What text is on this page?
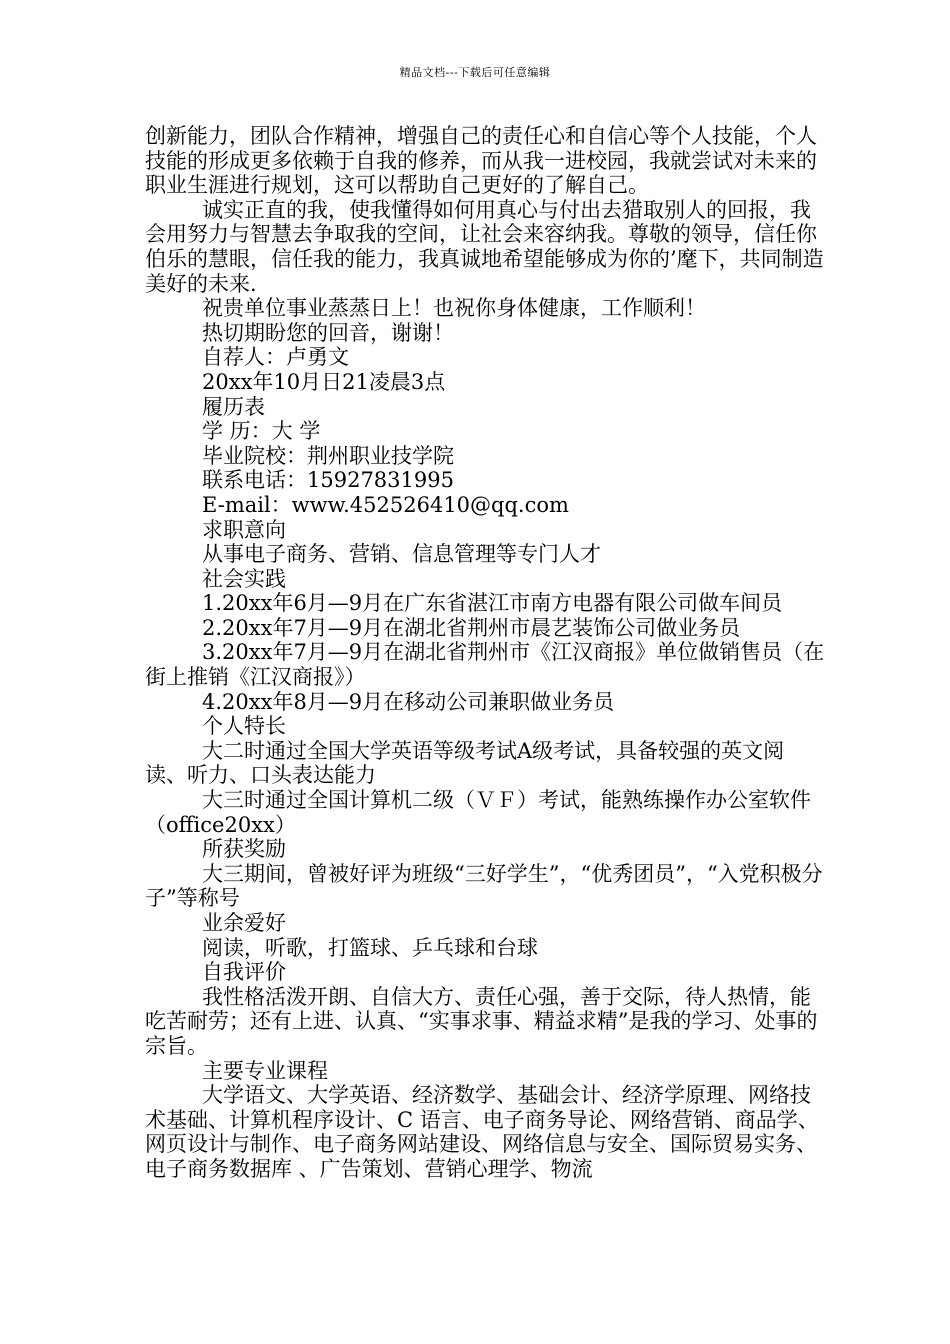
精品文档---下载后可任意编辑

创新能力，团队合作精神，增强自己的责任心和自信心等个人技能，个人技能的形成更多依赖于自我的修养，而从我一进校园，我就尝试对未来的职业生涯进行规划，这可以帮助自己更好的了解自己。

诚实正直的我，使我懂得如何用真心与付出去猎取别人的回报，我会用努力与智慧去争取我的空间，让社会来容纳我。尊敬的领导，信任你伯乐的慧眼，信任我的能力，我真诚地希望能够成为你的’麾下，共同制造美好的未来.

祝贵单位事业蒸蒸日上！也祝你身体健康，工作顺利！

热切期盼您的回音，谢谢！

自荐人：卢勇文

20xx年10月日21凌晨3点

履历表

学 历：大 学

毕业院校：荆州职业技学院

联系电话：15927831995

E-mail：www.452526410@qq.com

求职意向

从事电子商务、营销、信息管理等专门人才

社会实践

1.20xx年6月—9月在广东省湛江市南方电器有限公司做车间员

2.20xx年7月—9月在湖北省荆州市晨艺装饰公司做业务员

3.20xx年7月—9月在湖北省荆州市《江汉商报》单位做销售员（在街上推销《江汉商报》）

4.20xx年8月—9月在移动公司兼职做业务员

个人特长

大二时通过全国大学英语等级考试A级考试，具备较强的英文阅读、听力、口头表达能力

大三时通过全国计算机二级（ＶＦ）考试，能熟练操作办公室软件（office20xx）

所获奖励

大三期间，曾被好评为班级“三好学生”，“优秀团员”，“入党积极分子”等称号

业余爱好

阅读，听歌，打篮球、乒乓球和台球

自我评价

我性格活泼开朗、自信大方、责任心强，善于交际，待人热情，能吃苦耐劳；还有上进、认真、“实事求事、精益求精”是我的学习、处事的宗旨。

主要专业课程

大学语文、大学英语、经济数学、基础会计、经济学原理、网络技术基础、计算机程序设计、C 语言、电子商务导论、网络营销、商品学、网页设计与制作、电子商务网站建设、网络信息与安全、国际贸易实务、 电子商务数据库 、广告策划、营销心理学、物流
